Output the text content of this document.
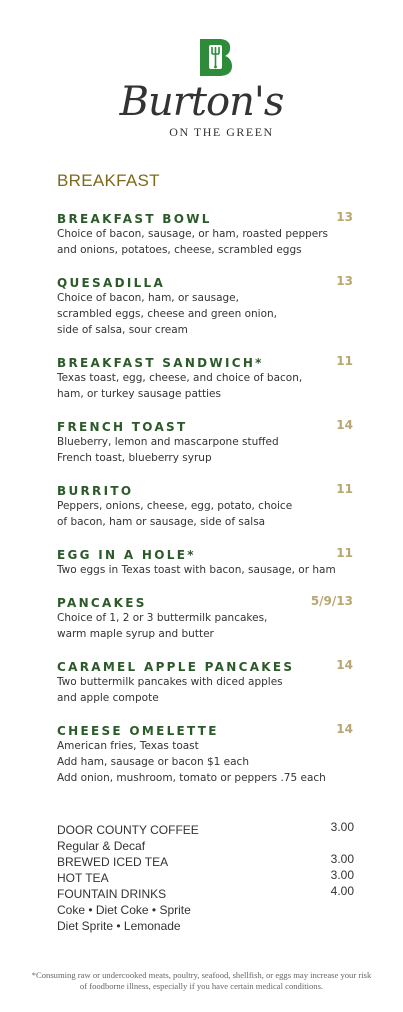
Burton's
ON THE GREEN
BREAKFAST
BREAKFAST BOWL	13
Choice of bacon, sausage, or ham, roasted peppers
and onions, potatoes, cheese, scrambled eggs
QUESADILLA	13
Choice of bacon, ham, or sausage,
scrambled eggs, cheese and green onion,
side of salsa, sour cream
BREAKFAST SANDWICH*	11
Texas toast, egg, cheese, and choice of bacon,
ham, or turkey sausage patties
FRENCH TOAST	14
Blueberry, lemon and mascarpone stuffed
French toast, blueberry syrup
BURRITO	11
Peppers, onions, cheese, egg, potato, choice
of bacon, ham or sausage, side of salsa
EGG IN A HOLE*	11
Two eggs in Texas toast with bacon, sausage, or ham
PANCAKES	5/9/13
Choice of 1, 2 or 3 buttermilk pancakes,
warm maple syrup and butter
CARAMEL APPLE PANCAKES	14
Two buttermilk pancakes with diced apples
and apple compote
CHEESE OMELETTE	14
American fries, Texas toast
Add ham, sausage or bacon $1 each
Add onion, mushroom, tomato or peppers .75 each
DOOR COUNTY COFFEE	3.00
Regular & Decaf
BREWED ICED TEA	3.00
HOT TEA	3.00
FOUNTAIN DRINKS	4.00
Coke • Diet Coke • Sprite
Diet Sprite • Lemonade
*Consuming raw or undercooked meats, poultry, seafood, shellfish, or eggs may increase your risk of foodborne illness, especially if you have certain medical conditions.
